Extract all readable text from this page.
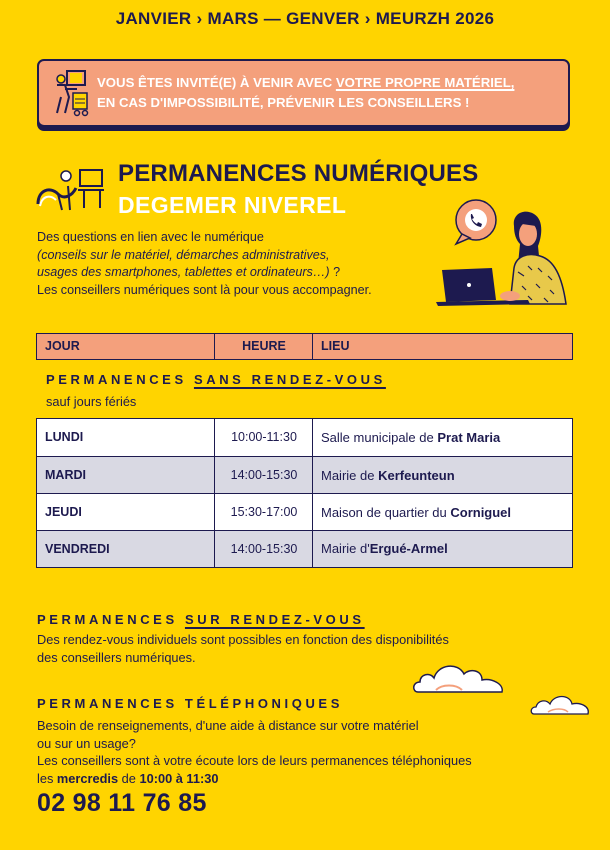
JANVIER › MARS — GENVER › MEURZH 2026
VOUS ÊTES INVITÉ(E) À VENIR AVEC VOTRE PROPRE MATÉRIEL,
EN CAS D'IMPOSSIBILITÉ, PRÉVENIR LES CONSEILLERS !
PERMANENCES NUMÉRIQUES
DEGEMER NIVEREL
Des questions en lien avec le numérique
(conseils sur le matériel, démarches administratives,
usages des smartphones, tablettes et ordinateurs…) ?
Les conseillers numériques sont là pour vous accompagner.
JOUR	HEURE	LIEU
PERMANENCES SANS RENDEZ-VOUS
sauf jours fériés
LUNDI	10:00-11:30	Salle municipale de Prat Maria
MARDI	14:00-15:30	Mairie de Kerfeunteun
JEUDI	15:30-17:00	Maison de quartier du Corniguel
VENDREDI	14:00-15:30	Mairie d'Ergué-Armel
PERMANENCES SUR RENDEZ-VOUS
Des rendez-vous individuels sont possibles en fonction des disponibilités
des conseillers numériques.
PERMANENCES TÉLÉPHONIQUES
Besoin de renseignements, d'une aide à distance sur votre matériel
ou sur un usage?
Les conseillers sont à votre écoute lors de leurs permanences téléphoniques
les mercredis de 10:00 à 11:30
02 98 11 76 85
